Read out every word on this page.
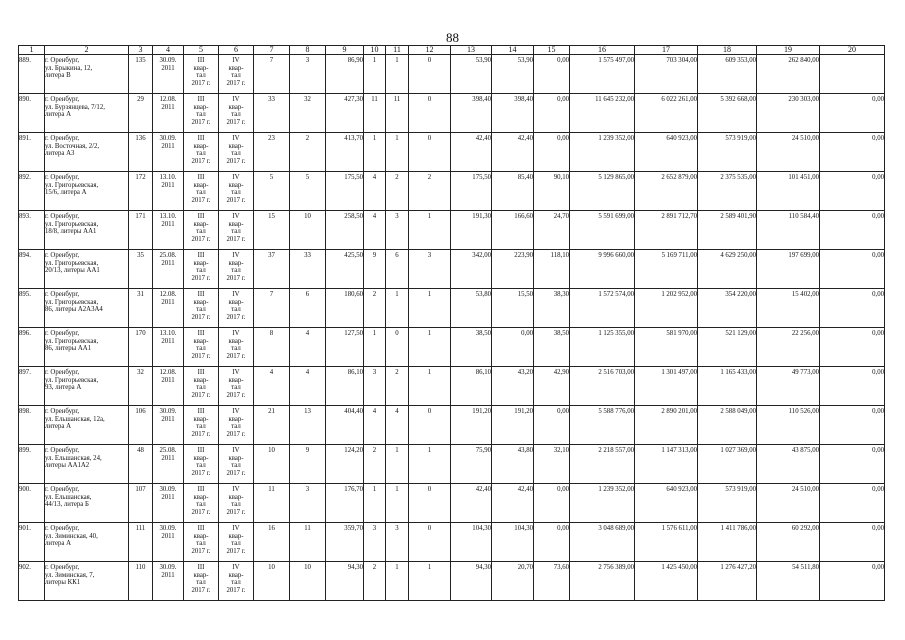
88
1	2	3	4	5	6	7	8	9	10	11	12	13	14	15	16	17	18	19	20
889.	г. Оренбург,
ул. Брыкина, 12,
литера В	135	30.09.
2011	III
квар-
тал
2017 г.	IV
квар-
тал
2017 г.	7	3	86,90	1	1	0	53,90	53,90	0,00	1 575 497,00	703 304,00	609 353,00	262 840,00	
890.	г. Оренбург,
ул. Бурзянцева, 7/12,
литера А	29	12.08.
2011	III
квар-
тал
2017 г.	IV
квар-
тал
2017 г.	33	32	427,30	11	11	0	398,40	398,40	0,00	11 645 232,00	6 022 261,00	5 392 668,00	230 303,00	0,00
891.	г. Оренбург,
ул. Восточная, 2/2,
литера А3	136	30.09.
2011	III
квар-
тал
2017 г.	IV
квар-
тал
2017 г.	23	2	413,70	1	1	0	42,40	42,40	0,00	1 239 352,00	640 923,00	573 919,00	24 510,00	0,00
892.	г. Оренбург,
ул. Григорьевская,
15/6, литера А	172	13.10.
2011	III
квар-
тал
2017 г.	IV
квар-
тал
2017 г.	5	5	175,50	4	2	2	175,50	85,40	90,10	5 129 865,00	2 652 879,00	2 375 535,00	101 451,00	0,00
893.	г. Оренбург,
ул. Григорьевская,
18/8, литеры АА1	171	13.10.
2011	III
квар-
тал
2017 г.	IV
квар-
тал
2017 г.	15	10	258,50	4	3	1	191,30	166,60	24,70	5 591 699,00	2 891 712,70	2 589 401,90	110 584,40	0,00
894.	г. Оренбург,
ул. Григорьевская,
20/13, литеры АА1	35	25.08.
2011	III
квар-
тал
2017 г.	IV
квар-
тал
2017 г.	37	33	425,50	9	6	3	342,00	223,90	118,10	9 996 660,00	5 169 711,00	4 629 250,00	197 699,00	0,00
895.	г. Оренбург,
ул. Григорьевская,
86, литеры А2А3А4	31	12.08.
2011	III
квар-
тал
2017 г.	IV
квар-
тал
2017 г.	7	6	180,60	2	1	1	53,80	15,50	38,30	1 572 574,00	1 202 952,00	354 220,00	15 402,00	0,00
896.	г. Оренбург,
ул. Григорьевская,
86, литеры АА1	170	13.10.
2011	III
квар-
тал
2017 г.	IV
квар-
тал
2017 г.	8	4	127,50	1	0	1	38,50	0,00	38,50	1 125 355,00	581 970,00	521 129,00	22 256,00	0,00
897.	г. Оренбург,
ул. Григорьевская,
93, литера А	32	12.08.
2011	III
квар-
тал
2017 г.	IV
квар-
тал
2017 г.	4	4	86,10	3	2	1	86,10	43,20	42,90	2 516 703,00	1 301 497,00	1 165 433,00	49 773,00	0,00
898.	г. Оренбург,
ул. Ельшанская, 12а,
литера А	106	30.09.
2011	III
квар-
тал
2017 г.	IV
квар-
тал
2017 г.	21	13	404,40	4	4	0	191,20	191,20	0,00	5 588 776,00	2 890 201,00	2 588 049,00	110 526,00	0,00
899.	г. Оренбург,
ул. Ельшанская, 24,
литеры АА1А2	48	25.08.
2011	III
квар-
тал
2017 г.	IV
квар-
тал
2017 г.	10	9	124,20	2	1	1	75,90	43,80	32,10	2 218 557,00	1 147 313,00	1 027 369,00	43 875,00	0,00
900.	г. Оренбург,
ул. Ельшанская,
44/13, литера Б	107	30.09.
2011	III
квар-
тал
2017 г.	IV
квар-
тал
2017 г.	11	3	176,70	1	1	0	42,40	42,40	0,00	1 239 352,00	640 923,00	573 919,00	24 510,00	0,00
901.	г. Оренбург,
ул. Зиминская, 40,
литера А	111	30.09.
2011	III
квар-
тал
2017 г.	IV
квар-
тал
2017 г.	16	11	359,70	3	3	0	104,30	104,30	0,00	3 048 689,00	1 576 611,00	1 411 786,00	60 292,00	0,00
902.	г. Оренбург,
ул. Зиминская, 7,
литеры КК1	110	30.09.
2011	III
квар-
тал
2017 г.	IV
квар-
тал
2017 г.	10	10	94,30	2	1	1	94,30	20,70	73,60	2 756 389,00	1 425 450,00	1 276 427,20	54 511,80	0,00
